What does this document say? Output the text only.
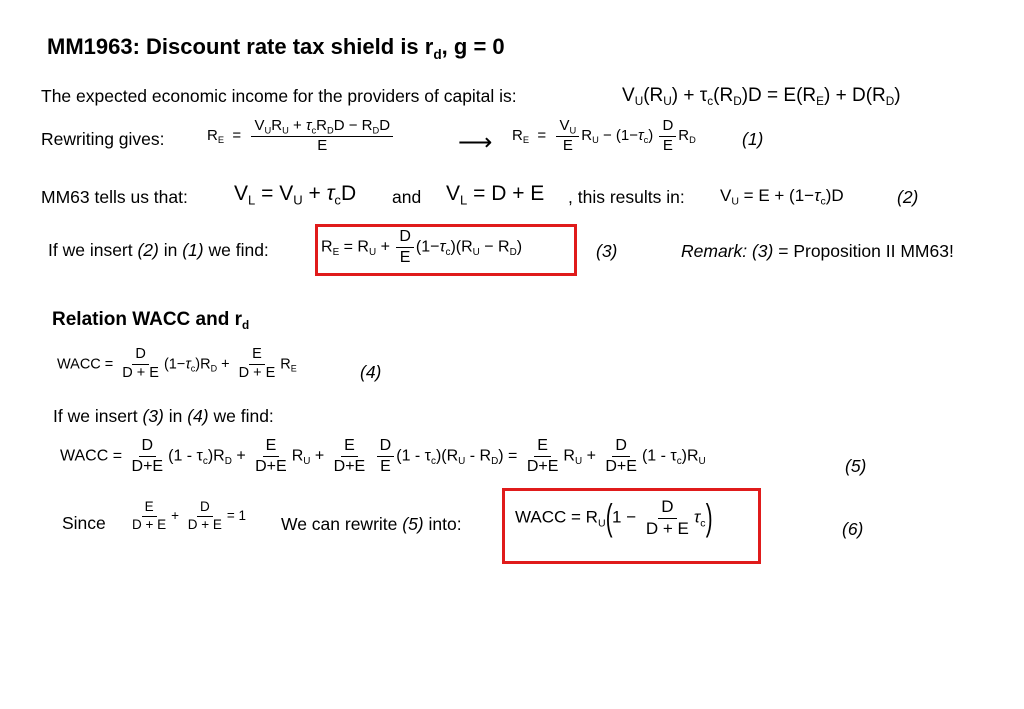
MM1963: Discount rate tax shield is $r_d$, g = 0
The expected economic income for the providers of capital is:	$V_U(R_U) + \tau_c(R_D)D = E(R_E) + D(R_D)$
Rewriting gives:	$R_E = \frac{V_UR_U + \tau_cR_DD - R_DD}{E}$	⟶ $R_E = \frac{V_U}{E} R_U - (1-\tau_c) \frac{D}{E} R_D$	(1)
MM63 tells us that: $V_L = V_U + \tau_cD$ and $V_L = D + E$ , this results in: $V_U = E + (1-\tau_c)D$	(2)
If we insert (2) in (1) we find:	$R_E = R_U + \frac{D}{E} (1-\tau_c)(R_U - R_D)$	(3)	Remark: (3) = Proposition II MM63!
Relation WACC and $r_d$
WACC = $\frac{D}{D + E} (1-\tau_c)R_D + \frac{E}{D + E} R_E$	(4)
If we insert (3) in (4) we find:
WACC = $\frac{D}{D+E} (1 - \tau_c)R_D + \frac{E}{D+E} R_U + \frac{E}{D+E}$
$\frac{D}{E} (1 - \tau_c)(R_U - R_D) = \frac{E}{D+E} R_U + \frac{D}{D+E} (1 - \tau_c)R_U$	(5)
Since $\frac{E}{D + E} + \frac{D}{D + E} = 1$ We can rewrite (5) into:	WACC = $R_U(1 - \frac{D}{D + E} \tau_c)$	(6)
